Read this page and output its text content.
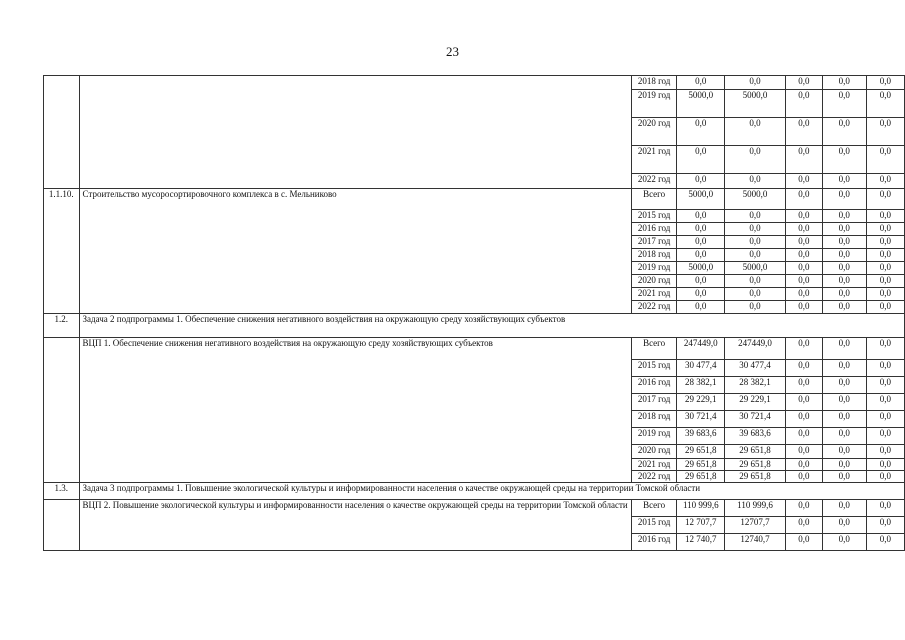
23
		2018 год	0,0	0,0	0,0	0,0	0,0
		2019 год	5000,0	5000,0	0,0	0,0	0,0
		2020 год	0,0	0,0	0,0	0,0	0,0
		2021 год	0,0	0,0	0,0	0,0	0,0
		2022 год	0,0	0,0	0,0	0,0	0,0
1.1.10.	Строительство мусоросортировочного комплекса в с. Мельниково	Всего	5000,0	5000,0	0,0	0,0	0,0
		2015 год	0,0	0,0	0,0	0,0	0,0
		2016 год	0,0	0,0	0,0	0,0	0,0
		2017 год	0,0	0,0	0,0	0,0	0,0
		2018 год	0,0	0,0	0,0	0,0	0,0
		2019 год	5000,0	5000,0	0,0	0,0	0,0
		2020 год	0,0	0,0	0,0	0,0	0,0
		2021 год	0,0	0,0	0,0	0,0	0,0
		2022 год	0,0	0,0	0,0	0,0	0,0
1.2.	Задача 2 подпрограммы 1. Обеспечение снижения негативного воздействия на окружающую среду хозяйствующих субъектов						
	ВЦП 1. Обеспечение снижения негативного воздействия на окружающую среду хозяйствующих субъектов	Всего	247449,0	247449,0	0,0	0,0	0,0
		2015 год	30 477,4	30 477,4	0,0	0,0	0,0
		2016 год	28 382,1	28 382,1	0,0	0,0	0,0
		2017 год	29 229,1	29 229,1	0,0	0,0	0,0
		2018 год	30 721,4	30 721,4	0,0	0,0	0,0
		2019 год	39 683,6	39 683,6	0,0	0,0	0,0
		2020 год	29 651,8	29 651,8	0,0	0,0	0,0
		2021 год	29 651,8	29 651,8	0,0	0,0	0,0
		2022 год	29 651,8	29 651,8	0,0	0,0	0,0
1.3.	Задача 3 подпрограммы 1. Повышение экологической культуры и информированности населения о качестве окружающей среды на территории Томской области						
	ВЦП 2. Повышение экологической культуры и информированности населения о качестве окружающей среды на территории Томской области	Всего	110 999,6	110 999,6	0,0	0,0	0,0
		2015 год	12 707,7	12707,7	0,0	0,0	0,0
		2016 год	12 740,7	12740,7	0,0	0,0	0,0
